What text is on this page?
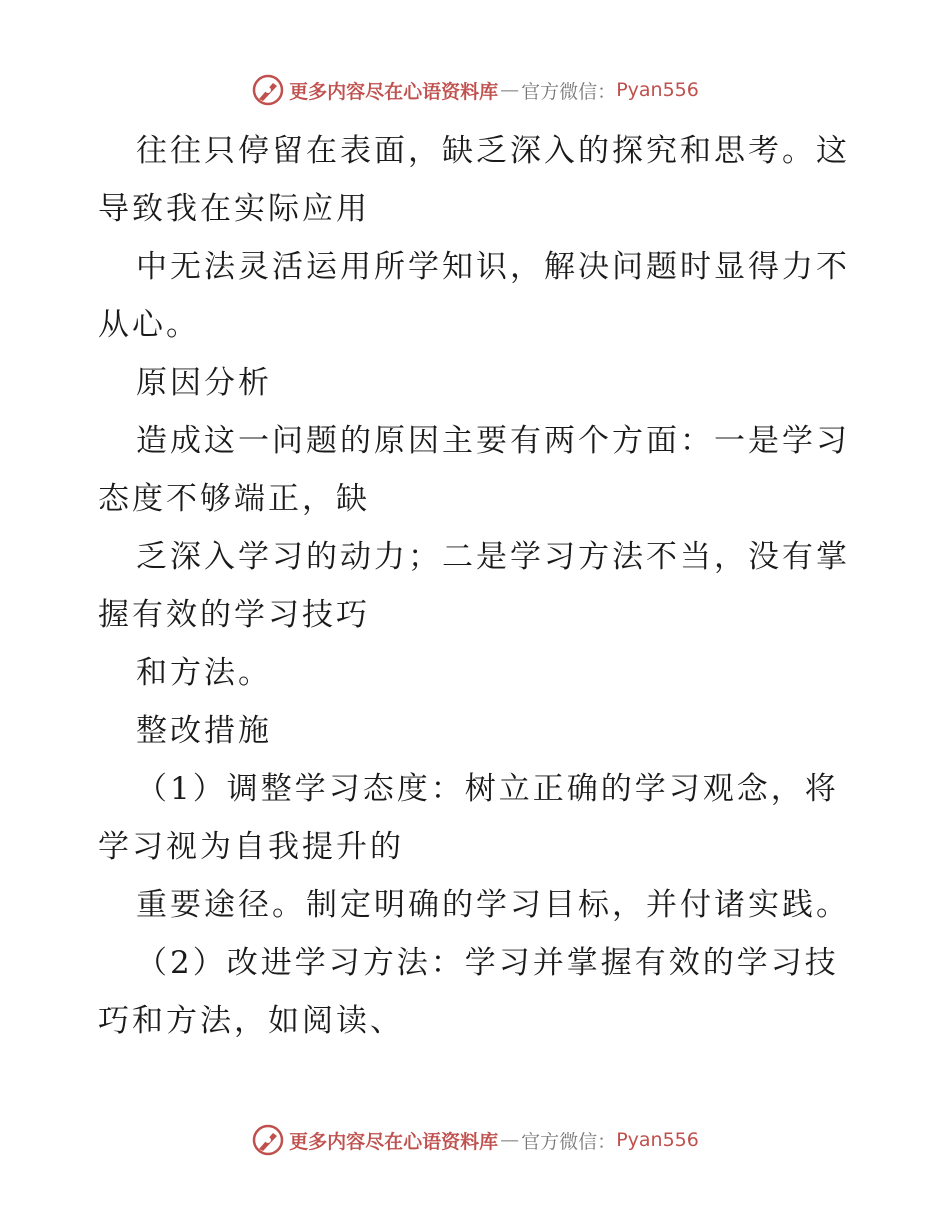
更多内容尽在心语资料库 — 官方微信： Pyan556

往往只停留在表面，缺乏深入的探究和思考。这导致我在实际应用

中无法灵活运用所学知识，解决问题时显得力不从心。

原因分析

造成这一问题的原因主要有两个方面：一是学习态度不够端正，缺

乏深入学习的动力；二是学习方法不当，没有掌握有效的学习技巧

和方法。

整改措施

（1）调整学习态度：树立正确的学习观念，将学习视为自我提升的

重要途径。制定明确的学习目标，并付诸实践。

（2）改进学习方法：学习并掌握有效的学习技巧和方法，如阅读、

更多内容尽在心语资料库 — 官方微信： Pyan556
